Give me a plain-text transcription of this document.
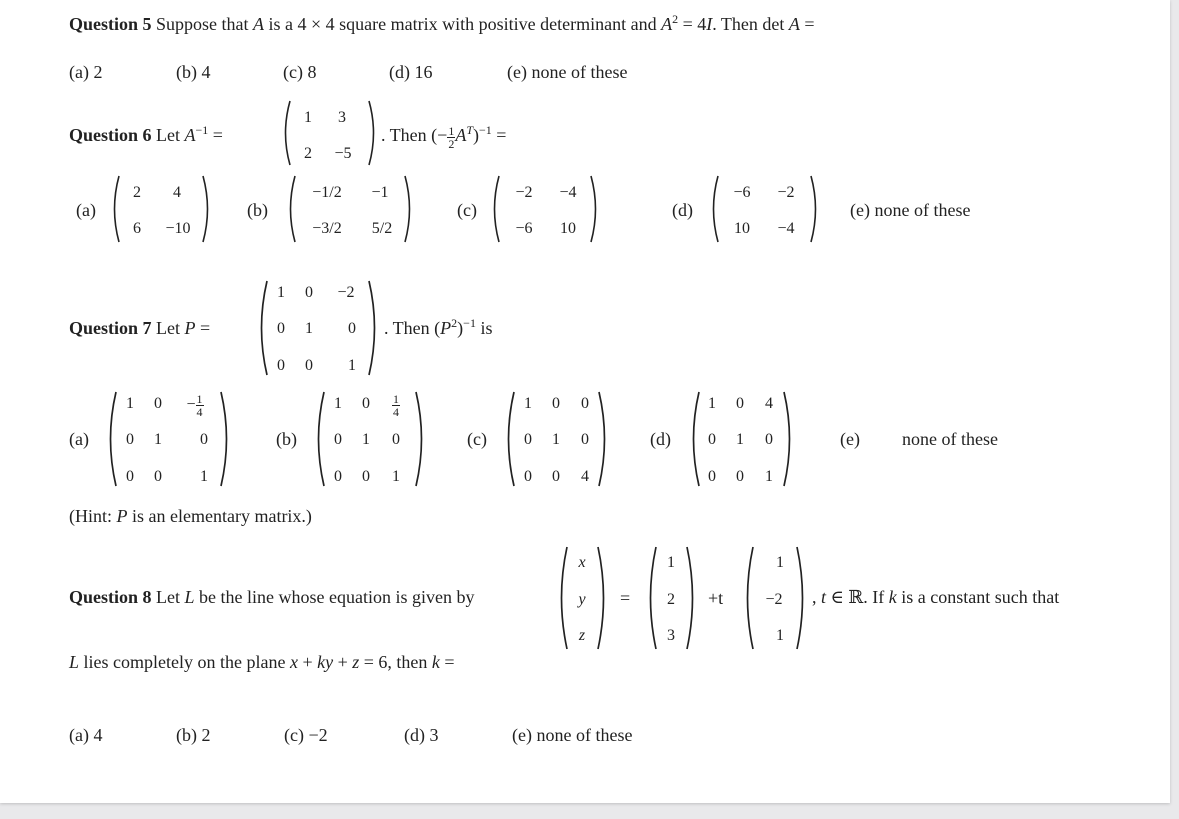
Question 5 Suppose that A is a 4 × 4 square matrix with positive determinant and $A^2 = 4I$. Then det A =
(a) 2	(b) 4	(c) 8	(d) 16	(e) none of these
Question 6 Let $A^{-1}$ =
1	3
2	−5
. Then (− $\frac{1}{2} A^T)^{-1}$ =
(a)
2	4
6	−10
(b)
−1/2	−1
−3/2	5/2
(c)
−2	−4
−6	10
(d)
−6	−2
10	−4
(e) none of these
Question 7 Let P =
1 0	−2
0 1	0
0 0	1
. Then $(P^2)^{-1}$ is
(a)
1 0	− $\frac{1}{4}$
0 1 0
0 0 1
(b)
1 0	$\frac{1}{4}$
0 1 0
0 0 1
(c)
1 0 0
0 1 0
0 0 4
(d)
1 0 4
0 1 0
0 0 1
(e) none of these
(Hint: P is an elementary matrix.)
Question 8 Let L be the line whose equation is given by
x
y
z
=
1
2
3
+t
1
−2
1
, t ∈ ℝ. If k is a constant such that
L lies completely on the plane x + ky + z = 6, then k =
(a) 4	(b) 2	(c) −2	(d) 3	(e) none of these
